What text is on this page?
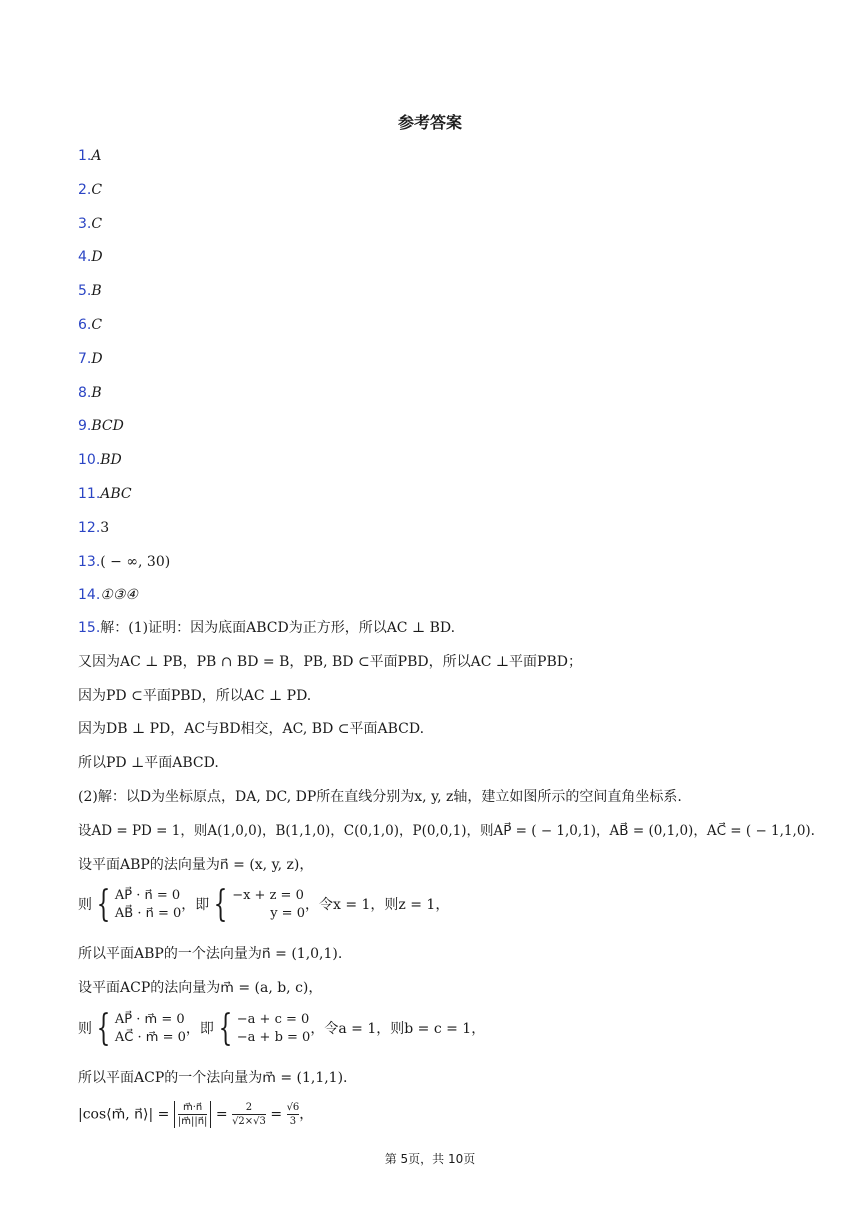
参考答案
1.A
2.C
3.C
4.D
5.B
6.C
7.D
8.B
9.BCD
10.BD
11.ABC
12.3
13.( − ∞, 30)
14.①③④
15.解：(1)证明：因为底面ABCD为正方形，所以AC ⊥ BD.
又因为AC ⊥ PB，PB ∩ BD = B，PB, BD ⊂平面PBD，所以AC ⊥平面PBD；
因为PD ⊂平面PBD，所以AC ⊥ PD.
因为DB ⊥ PD，AC与BD相交，AC, BD ⊂平面ABCD.
所以PD ⊥平面ABCD.
(2)解：以D为坐标原点，DA, DC, DP所在直线分别为x, y, z轴，建立如图所示的空间直角坐标系.
设AD = PD = 1，则A(1,0,0)，B(1,1,0)，C(0,1,0)，P(0,0,1)，则AP⃗ = ( − 1,0,1)，AB⃗ = (0,1,0)，AC⃗ = ( − 1,1,0).
设平面ABP的法向量为n⃗ = (x, y, z)，
则 { AP⃗ · n⃗ = 0
AB⃗ · n⃗ = 0，即 { −x + z = 0
y = 0，令x = 1，则z = 1，
所以平面ABP的一个法向量为n⃗ = (1,0,1).
设平面ACP的法向量为m⃗ = (a, b, c)，
则 { AP⃗ · m⃗ = 0
AC⃗ · m⃗ = 0，即 { −a + c = 0
−a + b = 0，令a = 1，则b = c = 1，
所以平面ACP的一个法向量为m⃗ = (1,1,1).
|cos⟨m⃗, n⃗⟩| = $\frac{m⃗\cdot n⃗}{|m⃗||n⃗|} = \frac{2}{√2\times√3} = \frac{√6}{3}$ ，
第 5页，共 10页
